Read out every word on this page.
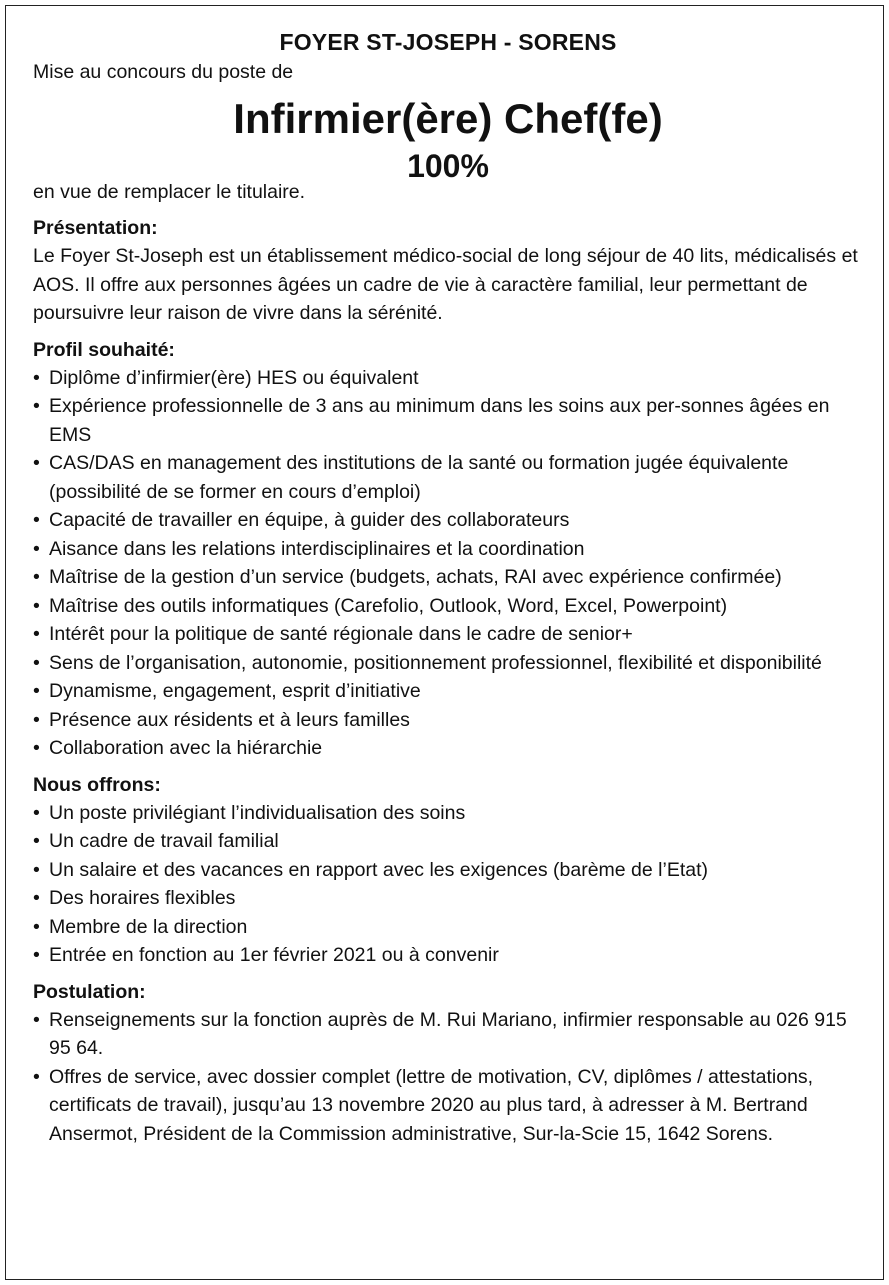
FOYER ST-JOSEPH - SORENS
Mise au concours du poste de
Infirmier(ère) Chef(fe)
100%
en vue de remplacer le titulaire.
Présentation:
Le Foyer St-Joseph est un établissement médico-social de long séjour de 40 lits, médicalisés et AOS. Il offre aux personnes âgées un cadre de vie à caractère familial, leur permettant de poursuivre leur raison de vivre dans la sérénité.
Profil souhaité:
• Diplôme d’infirmier(ère) HES ou équivalent
• Expérience professionnelle de 3 ans au minimum dans les soins aux per-sonnes âgées en EMS
• CAS/DAS en management des institutions de la santé ou formation jugée équivalente (possibilité de se former en cours d’emploi)
• Capacité de travailler en équipe, à guider des collaborateurs
• Aisance dans les relations interdisciplinaires et la coordination
• Maîtrise de la gestion d’un service (budgets, achats, RAI avec expérience confirmée)
• Maîtrise des outils informatiques (Carefolio, Outlook, Word, Excel, Powerpoint)
• Intérêt pour la politique de santé régionale dans le cadre de senior+
• Sens de l’organisation, autonomie, positionnement professionnel, flexibilité et disponibilité
• Dynamisme, engagement, esprit d’initiative
• Présence aux résidents et à leurs familles
• Collaboration avec la hiérarchie
Nous offrons:
• Un poste privilégiant l’individualisation des soins
• Un cadre de travail familial
• Un salaire et des vacances en rapport avec les exigences (barème de l’Etat)
• Des horaires flexibles
• Membre de la direction
• Entrée en fonction au 1er février 2021 ou à convenir
Postulation:
• Renseignements sur la fonction auprès de M. Rui Mariano, infirmier responsable au 026 915 95 64.
• Offres de service, avec dossier complet (lettre de motivation, CV, diplômes / attestations, certificats de travail), jusqu’au 13 novembre 2020 au plus tard, à adresser à M. Bertrand Ansermot, Président de la Commission administrative, Sur-la-Scie 15, 1642 Sorens.
